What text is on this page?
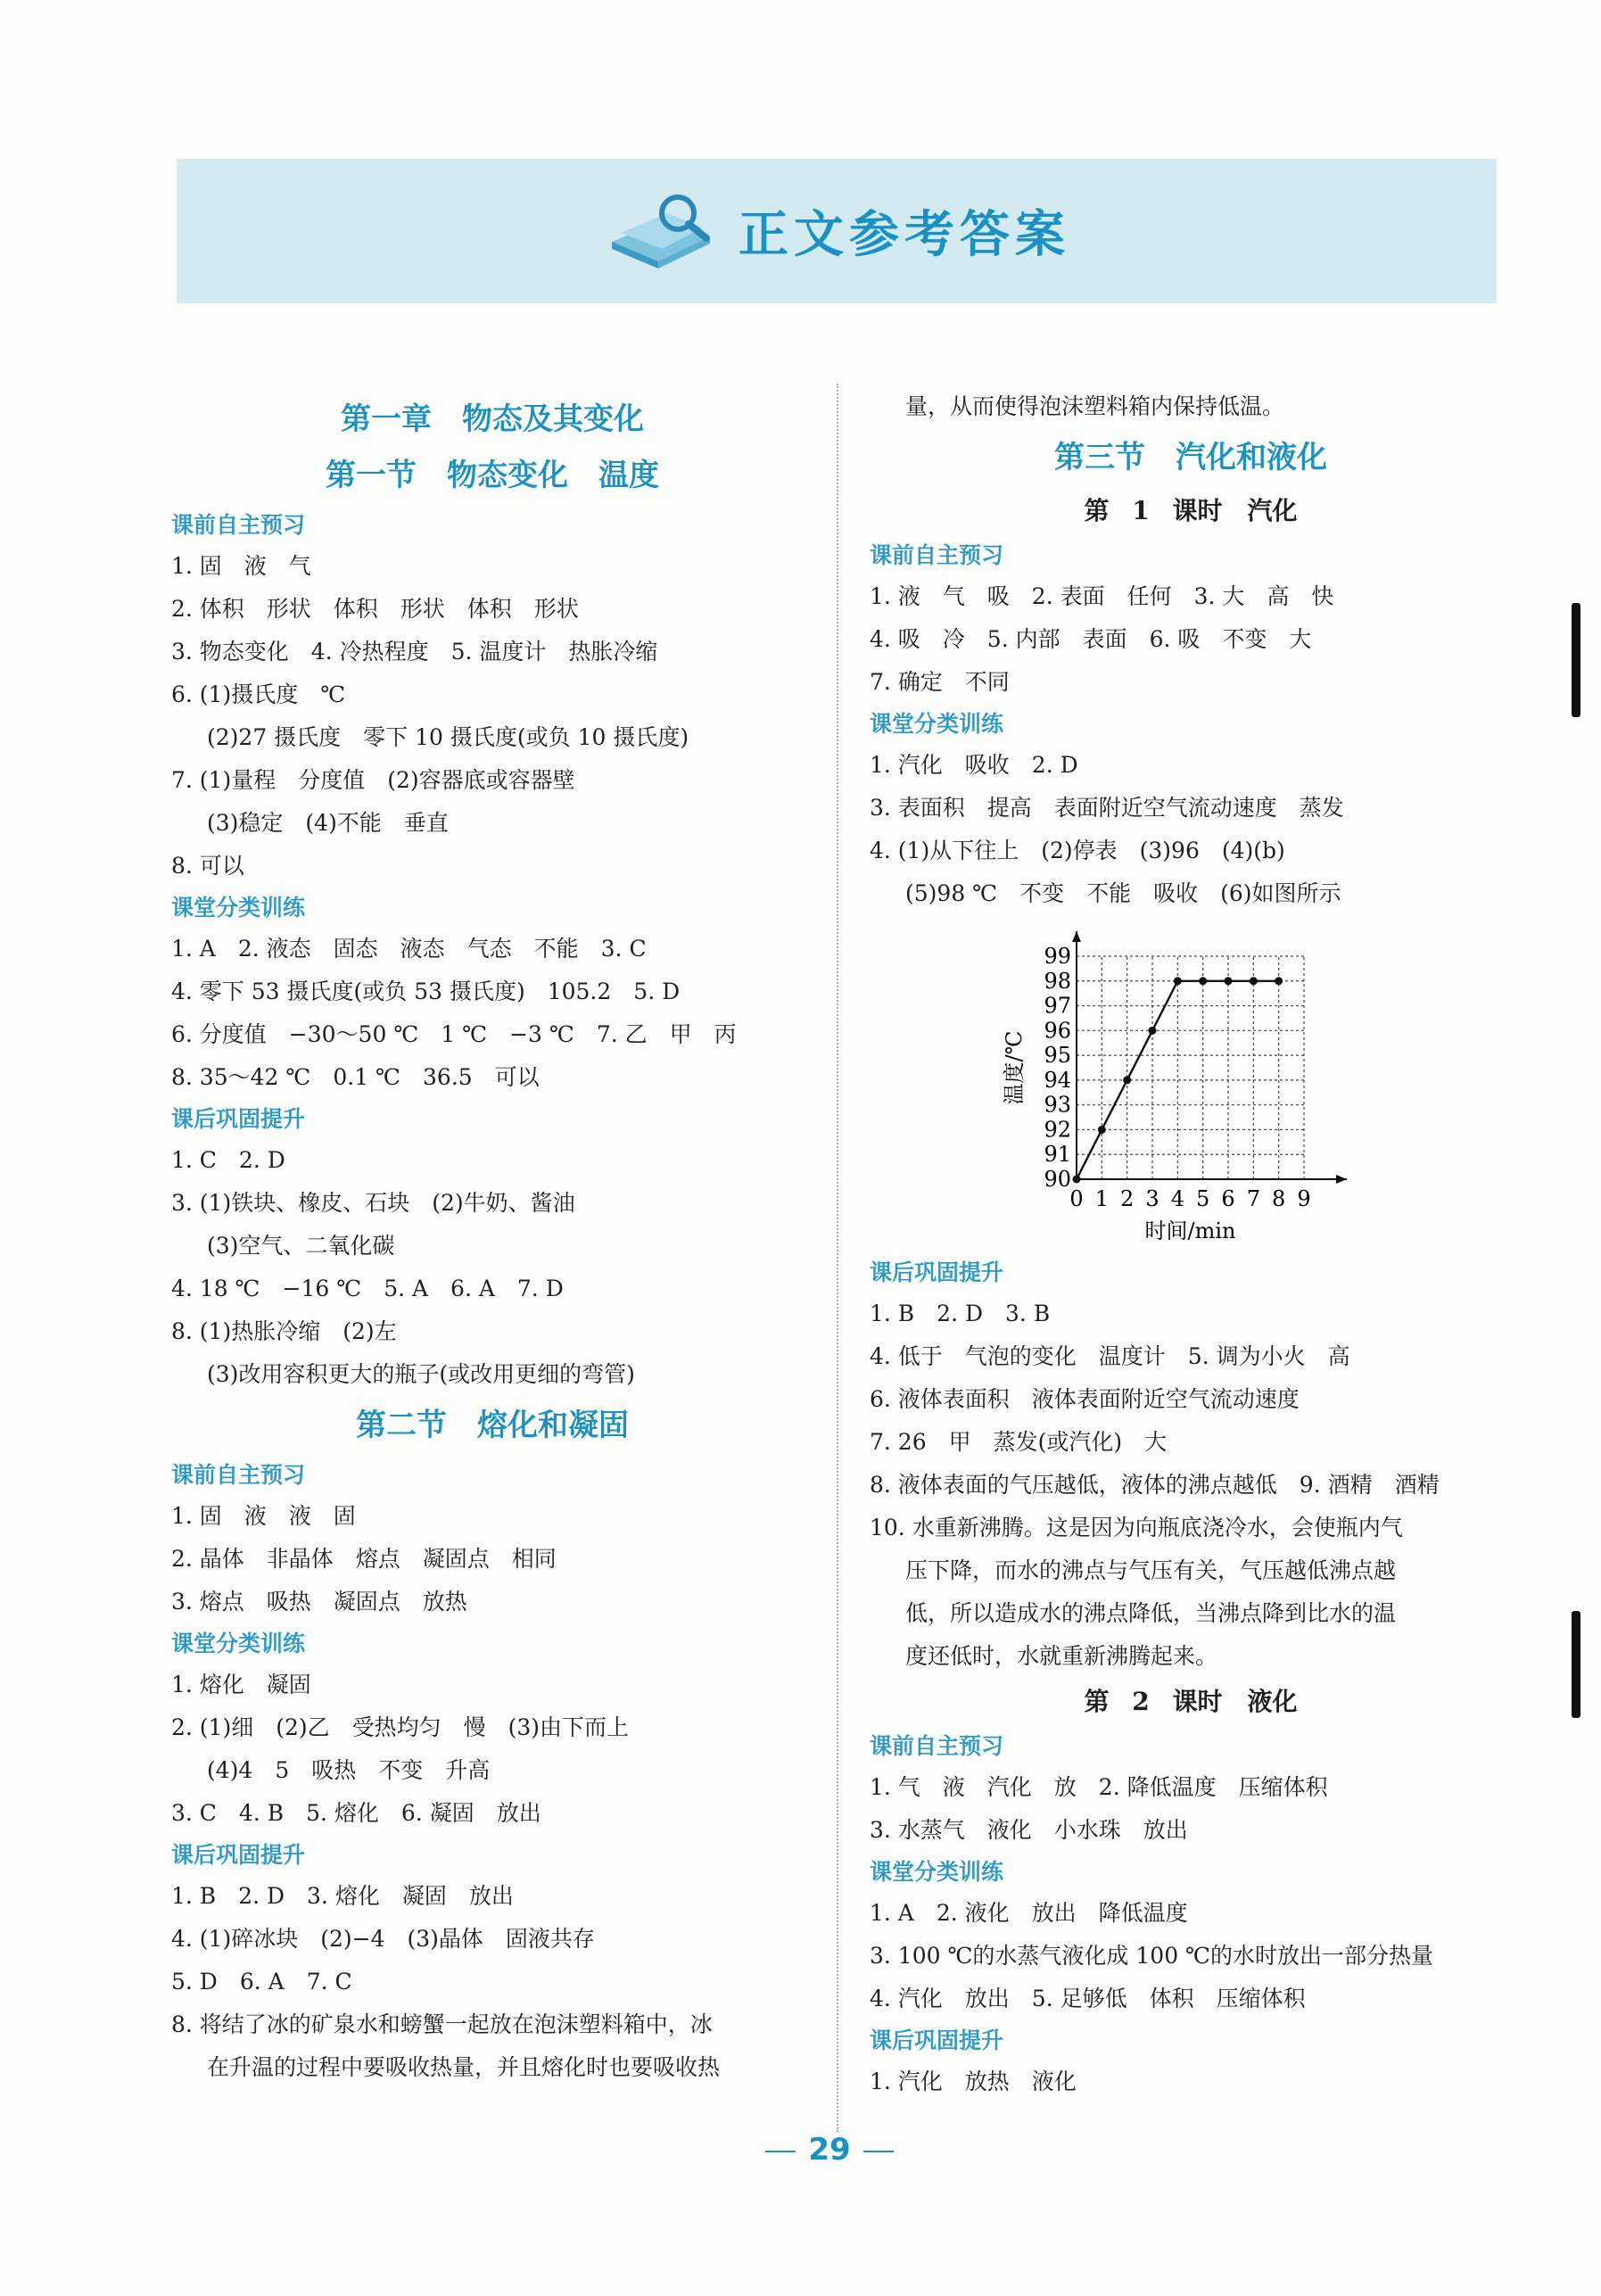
正文参考答案
第一章　物态及其变化
第一节　物态变化　温度
课前自主预习
1. 固　液　气
2. 体积　形状　体积　形状　体积　形状
3. 物态变化　4. 冷热程度　5. 温度计　热胀冷缩
6. (1)摄氏度　℃
(2)27 摄氏度　零下 10 摄氏度(或负 10 摄氏度)
7. (1)量程　分度值　(2)容器底或容器壁
(3)稳定　(4)不能　垂直
8. 可以
课堂分类训练
1. A　2. 液态　固态　液态　气态　不能　3. C
4. 零下 53 摄氏度(或负 53 摄氏度)　105.2　5. D
6. 分度值　−30～50 ℃　1 ℃　−3 ℃　7. 乙　甲　丙
8. 35～42 ℃　0.1 ℃　36.5　可以
课后巩固提升
1. C　2. D
3. (1)铁块、橡皮、石块　(2)牛奶、酱油
(3)空气、二氧化碳
4. 18 ℃　−16 ℃　5. A　6. A　7. D
8. (1)热胀冷缩　(2)左
(3)改用容积更大的瓶子(或改用更细的弯管)
第二节　熔化和凝固
课前自主预习
1. 固　液　液　固
2. 晶体　非晶体　熔点　凝固点　相同
3. 熔点　吸热　凝固点　放热
课堂分类训练
1. 熔化　凝固
2. (1)细　(2)乙　受热均匀　慢　(3)由下而上
(4)4　5　吸热　不变　升高
3. C　4. B　5. 熔化　6. 凝固　放出
课后巩固提升
1. B　2. D　3. 熔化　凝固　放出
4. (1)碎冰块　(2)−4　(3)晶体　固液共存
5. D　6. A　7. C
8. 将结了冰的矿泉水和螃蟹一起放在泡沫塑料箱中，冰
在升温的过程中要吸收热量，并且熔化时也要吸收热
量，从而使得泡沫塑料箱内保持低温。
第三节　汽化和液化
第 1 课时　汽化
课前自主预习
1. 液　气　吸　2. 表面　任何　3. 大　高　快
4. 吸　冷　5. 内部　表面　6. 吸　不变　大
7. 确定　不同
课堂分类训练
1. 汽化　吸收　2. D
3. 表面积　提高　表面附近空气流动速度　蒸发
4. (1)从下往上　(2)停表　(3)96　(4)(b)
(5)98 ℃　不变　不能　吸收　(6)如图所示
0 1 2 3 4 5 6 7 8 9
90
91
92
93
94
95
96
97
98
99
时间/min
温度/℃
课后巩固提升
1. B　2. D　3. B
4. 低于　气泡的变化　温度计　5. 调为小火　高
6. 液体表面积　液体表面附近空气流动速度
7. 26　甲　蒸发(或汽化)　大
8. 液体表面的气压越低，液体的沸点越低　9. 酒精　酒精
10. 水重新沸腾。这是因为向瓶底浇冷水，会使瓶内气
压下降，而水的沸点与气压有关，气压越低沸点越
低，所以造成水的沸点降低，当沸点降到比水的温
度还低时，水就重新沸腾起来。
第 2 课时　液化
课前自主预习
1. 气　液　汽化　放　2. 降低温度　压缩体积
3. 水蒸气　液化　小水珠　放出
课堂分类训练
1. A　2. 液化　放出　降低温度
3. 100 ℃的水蒸气液化成 100 ℃的水时放出一部分热量
4. 汽化　放出　5. 足够低　体积　压缩体积
课后巩固提升
1. 汽化　放热　液化
29
